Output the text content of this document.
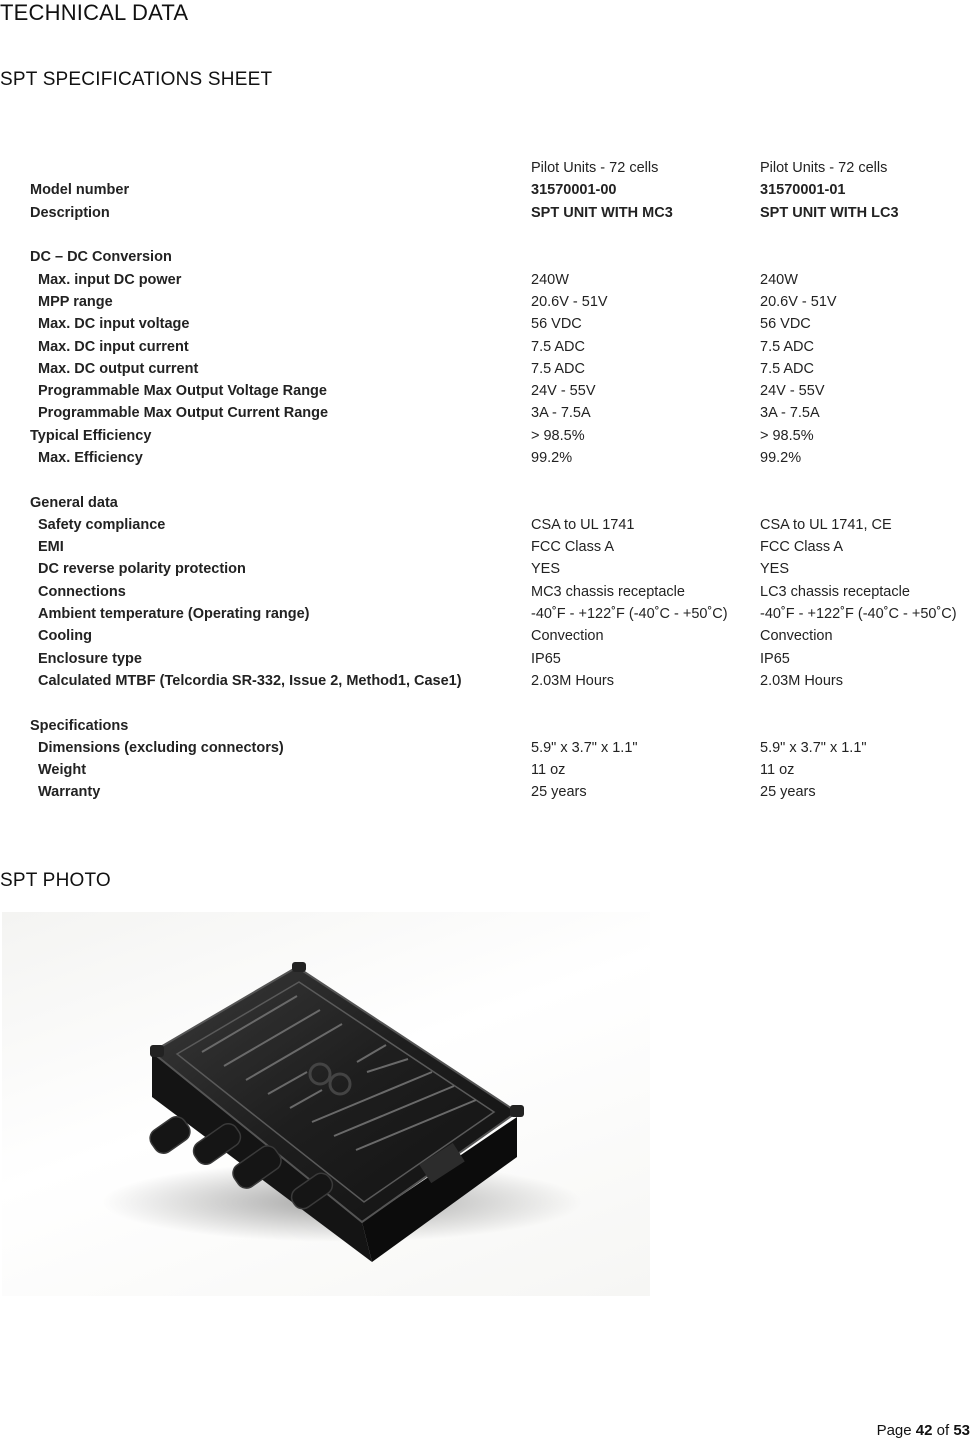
TECHNICAL DATA
SPT SPECIFICATIONS SHEET
	Pilot Units - 72 cells	Pilot Units - 72 cells
Model number	31570001-00	31570001-01
Description	SPT UNIT WITH MC3	SPT UNIT WITH LC3

DC – DC Conversion		
Max. input DC power	240W	240W
MPP range	20.6V - 51V	20.6V - 51V
Max. DC input voltage	56 VDC	56 VDC
Max. DC input current	7.5 ADC	7.5 ADC
Max. DC output current	7.5 ADC	7.5 ADC
Programmable Max Output Voltage Range	24V - 55V	24V - 55V
Programmable Max Output Current Range	3A - 7.5A	3A - 7.5A
Typical Efficiency	> 98.5%	> 98.5%
Max. Efficiency	99.2%	99.2%

General data		
Safety compliance	CSA to UL 1741	CSA to UL 1741, CE
EMI	FCC Class A	FCC Class A
DC reverse polarity protection	YES	YES
Connections	MC3 chassis receptacle	LC3 chassis receptacle
Ambient temperature (Operating range)	-40˚F - +122˚F (-40˚C - +50˚C)	-40˚F - +122˚F (-40˚C - +50˚C)
Cooling	Convection	Convection
Enclosure type	IP65	IP65
Calculated MTBF (Telcordia SR-332, Issue 2, Method1, Case1)	2.03M Hours	2.03M Hours

Specifications		
Dimensions (excluding connectors)	5.9" x 3.7" x 1.1"	5.9" x 3.7" x 1.1"
Weight	11 oz	11 oz
Warranty	25 years	25 years
SPT PHOTO
Page 42 of 53
